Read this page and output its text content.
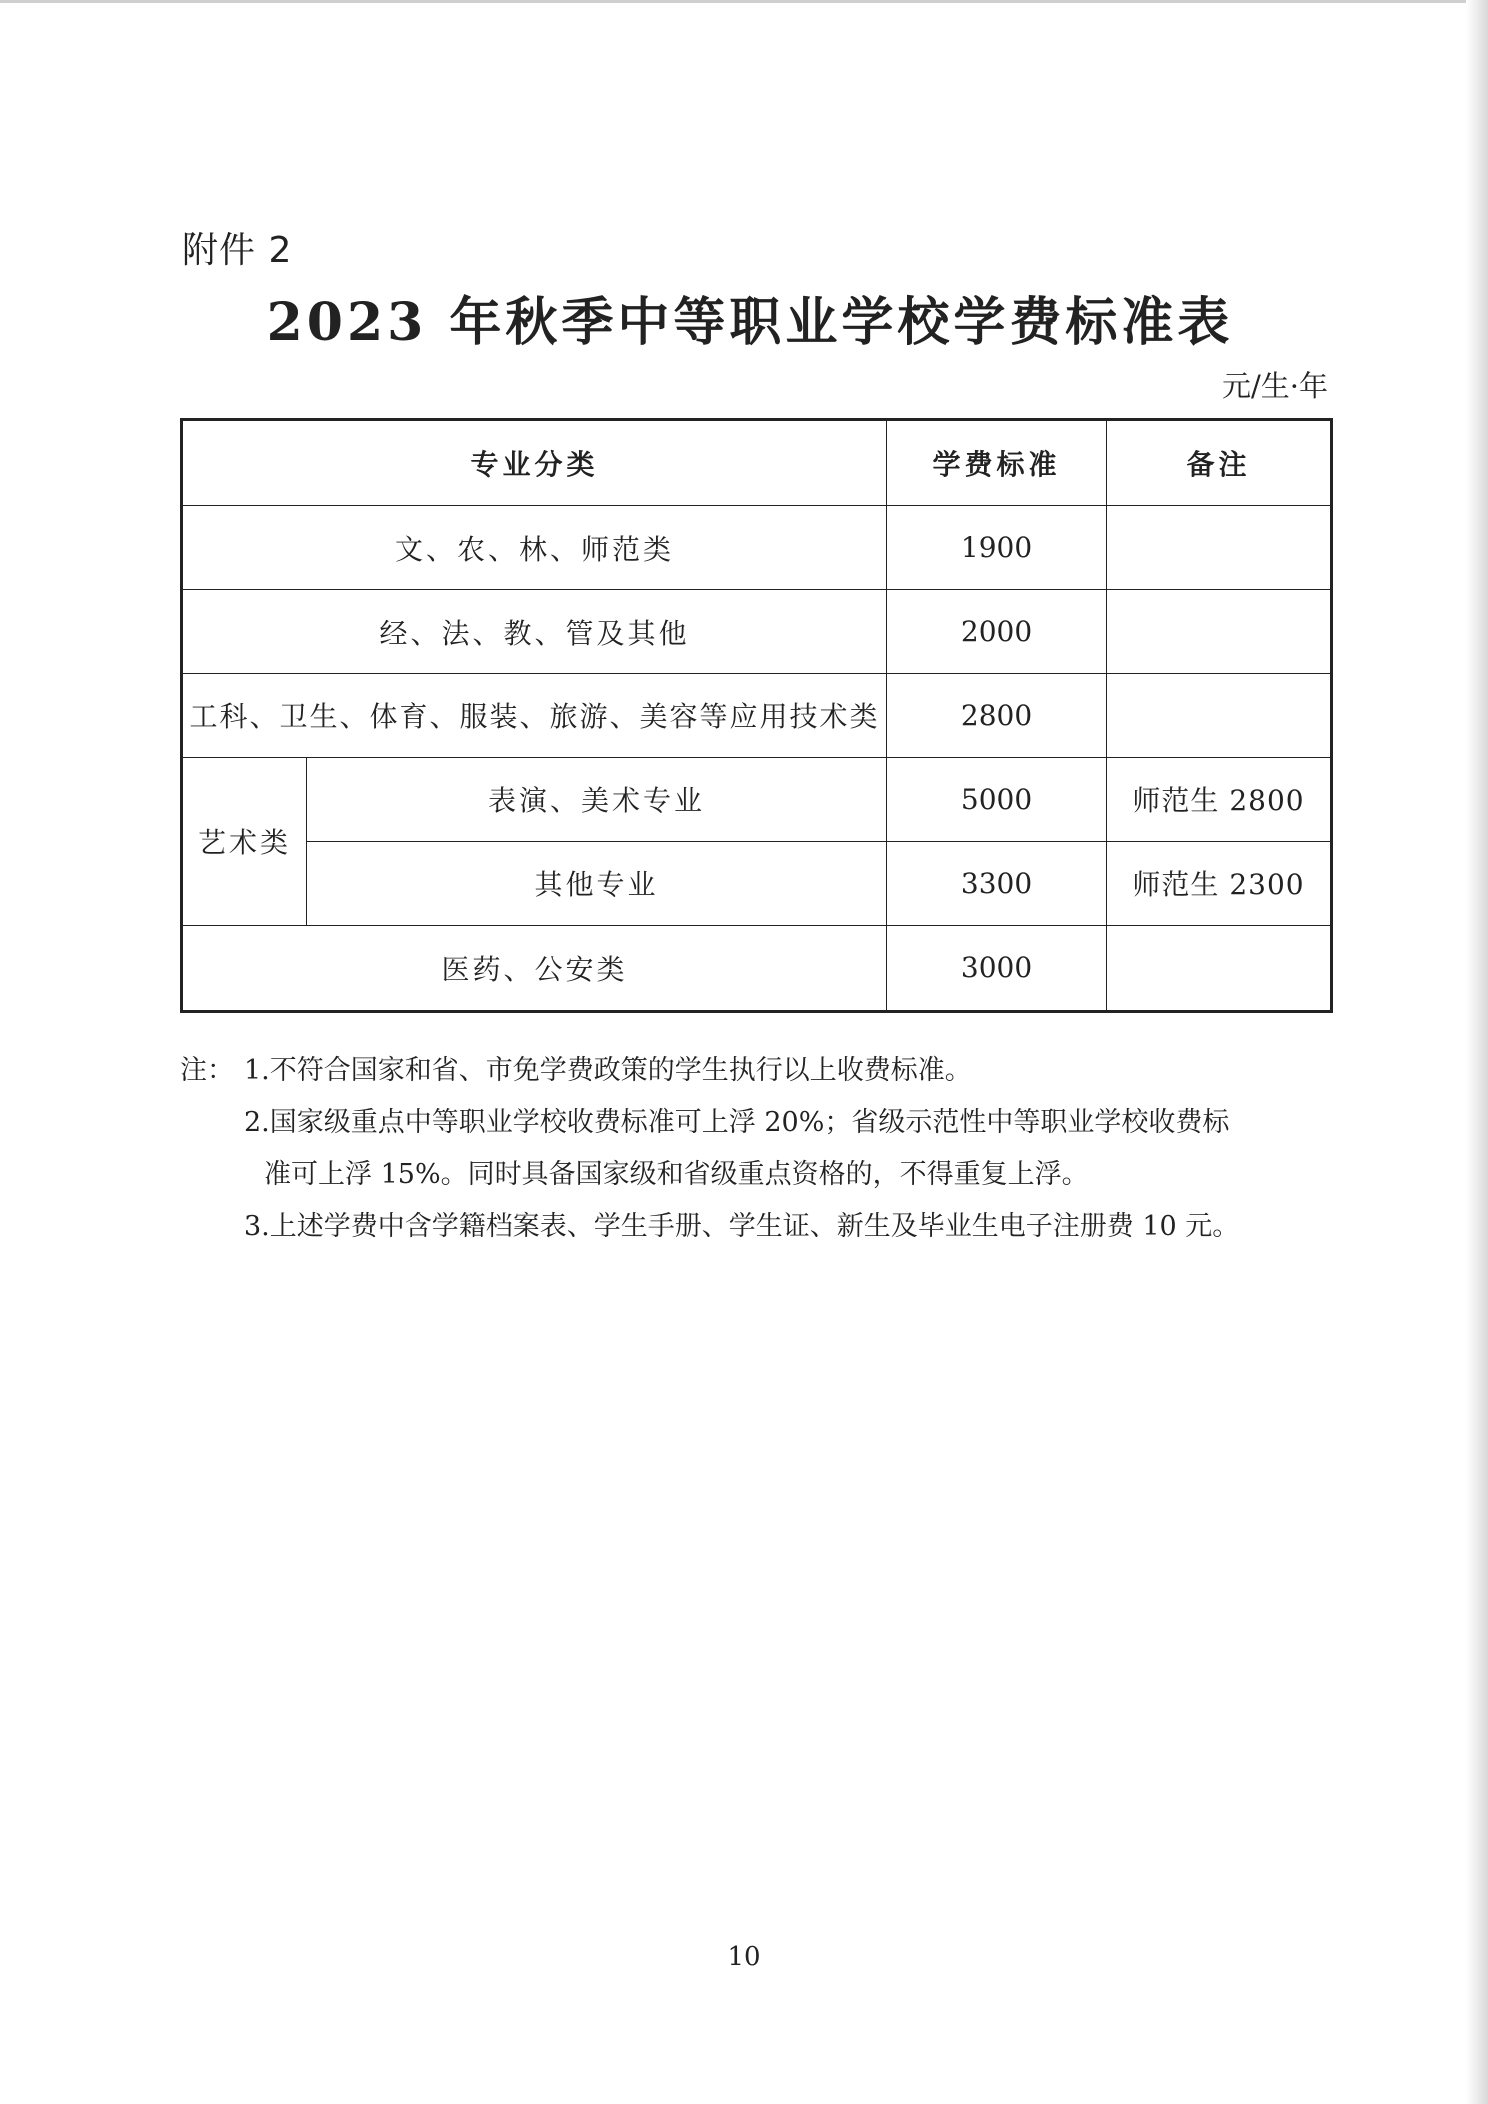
附件 2
2023 年秋季中等职业学校学费标准表
元/生·年
专业分类		学费标准	备注
文、农、林、师范类		1900	
经、法、教、管及其他		2000	
工科、卫生、体育、服装、旅游、美容等应用技术类		2800	
艺术类	表演、美术专业	5000	师范生 2800
	其他专业	3300	师范生 2300
医药、公安类		3000	
注： 1.不符合国家和省、市免学费政策的学生执行以上收费标准。
2.国家级重点中等职业学校收费标准可上浮 20%；省级示范性中等职业学校收费标
准可上浮 15%。同时具备国家级和省级重点资格的，不得重复上浮。
3.上述学费中含学籍档案表、学生手册、学生证、新生及毕业生电子注册费 10 元。
10
